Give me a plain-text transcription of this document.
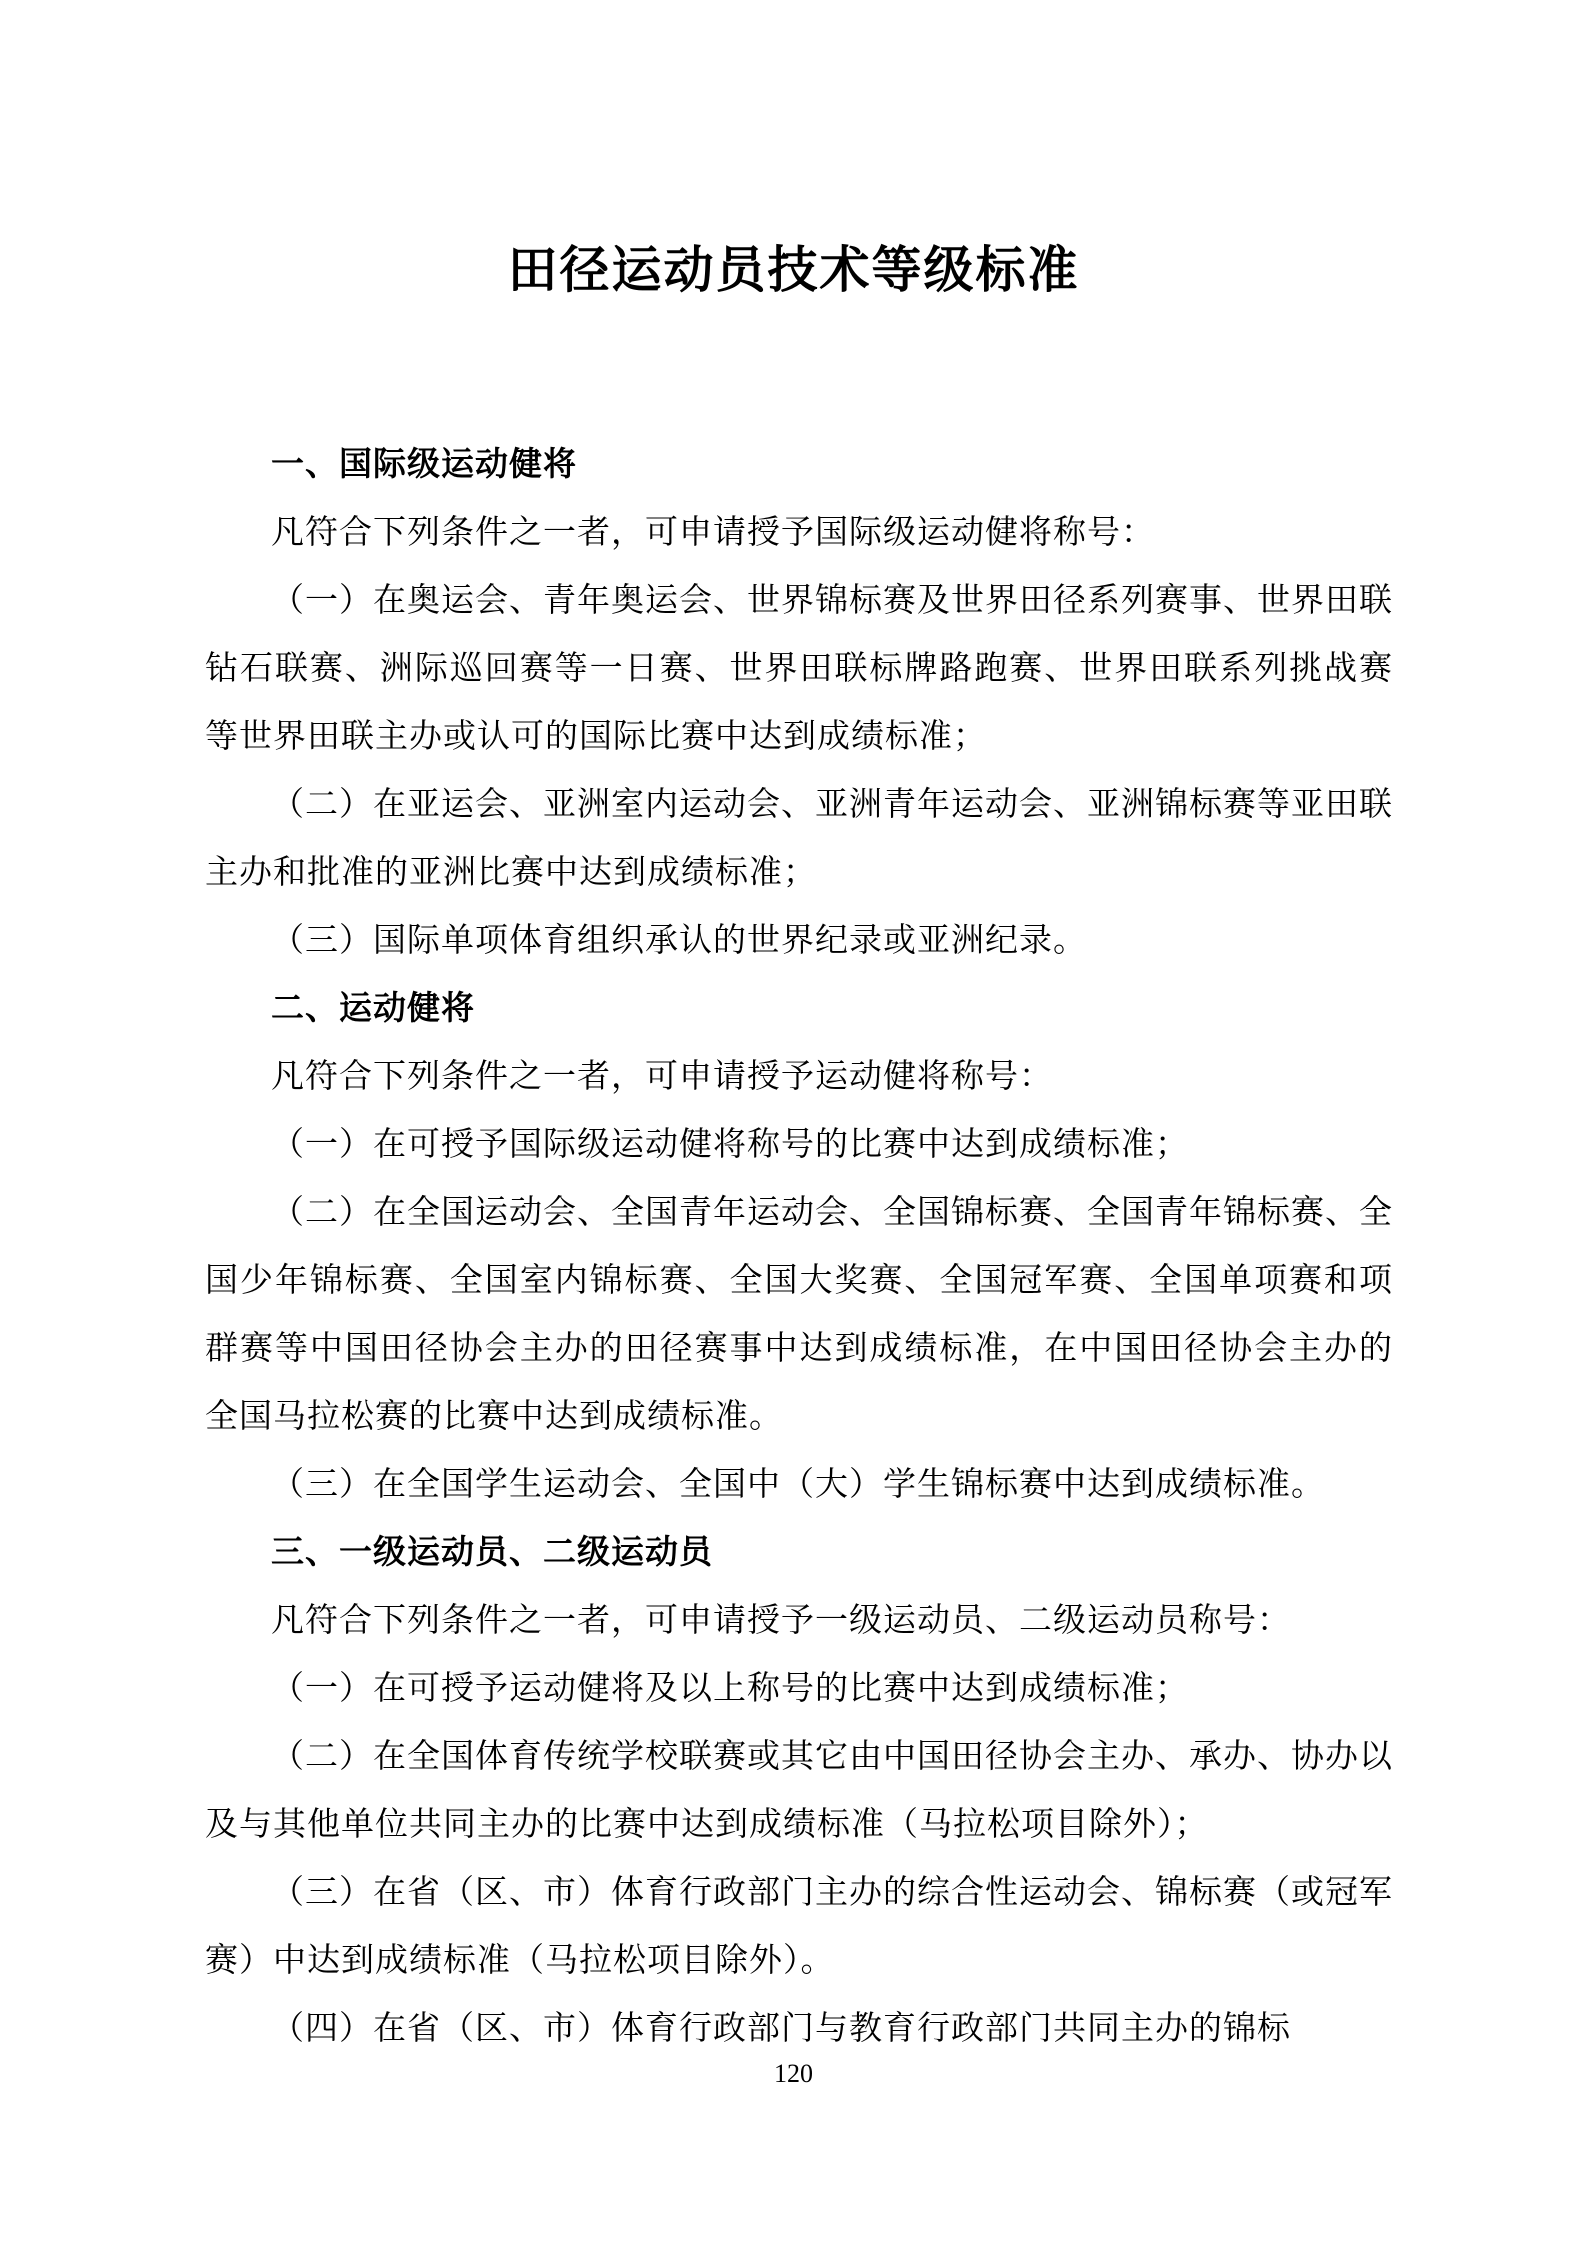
田径运动员技术等级标准

一、国际级运动健将

凡符合下列条件之一者，可申请授予国际级运动健将称号：

（一）在奥运会、青年奥运会、世界锦标赛及世界田径系列赛事、世界田联钻石联赛、洲际巡回赛等一日赛、世界田联标牌路跑赛、世界田联系列挑战赛等世界田联主办或认可的国际比赛中达到成绩标准；

（二）在亚运会、亚洲室内运动会、亚洲青年运动会、亚洲锦标赛等亚田联主办和批准的亚洲比赛中达到成绩标准；

（三）国际单项体育组织承认的世界纪录或亚洲纪录。

二、运动健将

凡符合下列条件之一者，可申请授予运动健将称号：

（一）在可授予国际级运动健将称号的比赛中达到成绩标准；

（二）在全国运动会、全国青年运动会、全国锦标赛、全国青年锦标赛、全国少年锦标赛、全国室内锦标赛、全国大奖赛、全国冠军赛、全国单项赛和项群赛等中国田径协会主办的田径赛事中达到成绩标准，在中国田径协会主办的全国马拉松赛的比赛中达到成绩标准。

（三）在全国学生运动会、全国中（大）学生锦标赛中达到成绩标准。

三、一级运动员、二级运动员

凡符合下列条件之一者，可申请授予一级运动员、二级运动员称号：

（一）在可授予运动健将及以上称号的比赛中达到成绩标准；

（二）在全国体育传统学校联赛或其它由中国田径协会主办、承办、协办以及与其他单位共同主办的比赛中达到成绩标准（马拉松项目除外）；

（三）在省（区、市）体育行政部门主办的综合性运动会、锦标赛（或冠军赛）中达到成绩标准（马拉松项目除外）。

（四）在省（区、市）体育行政部门与教育行政部门共同主办的锦标

120
